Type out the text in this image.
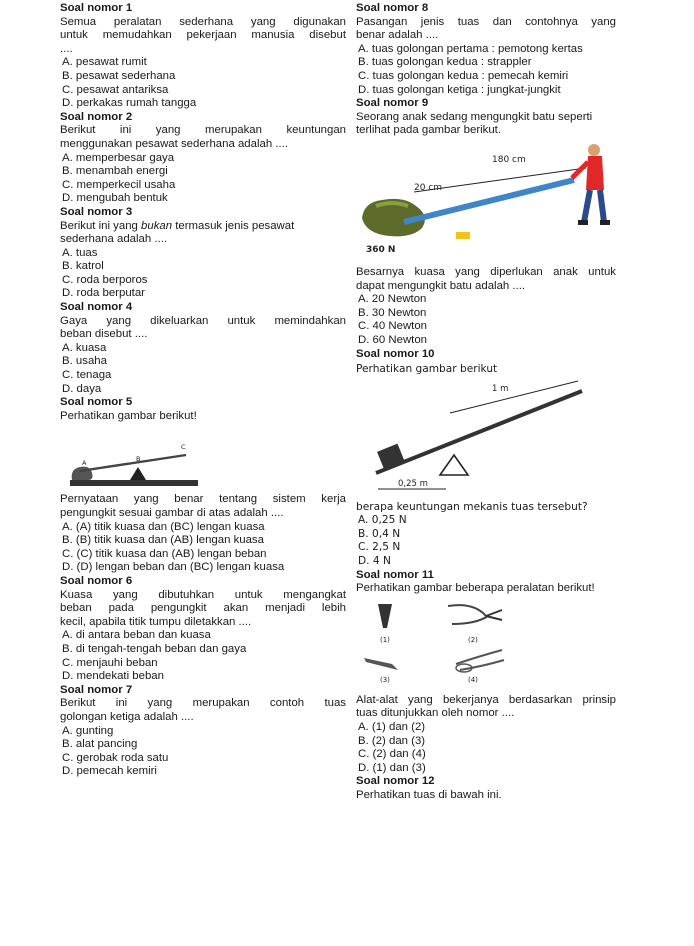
Soal nomor 1
Semua peralatan sederhana yang digunakan
untuk memudahkan pekerjaan manusia disebut
....
A. pesawat rumit
B. pesawat sederhana
C. pesawat antariksa
D. perkakas rumah tangga
Soal nomor 2
Berikut ini yang merupakan keuntungan
menggunakan pesawat sederhana adalah ....
A. memperbesar gaya
B. menambah energi
C. memperkecil usaha
D. mengubah bentuk
Soal nomor 3
Berikut ini yang bukan termasuk jenis pesawat
sederhana adalah ....
A. tuas
B. katrol
C. roda berporos
D. roda berputar
Soal nomor 4
Gaya yang dikeluarkan untuk memindahkan
beban disebut ....
A. kuasa
B. usaha
C. tenaga
D. daya
Soal nomor 5
Perhatikan gambar berikut!
A	B
C
Pernyataan yang benar tentang sistem kerja
pengungkit sesuai gambar di atas adalah ....
A. (A) titik kuasa dan (BC) lengan kuasa
B. (B) titik kuasa dan (AB) lengan kuasa
C. (C) titik kuasa dan (AB) lengan beban
D. (D) lengan beban dan (BC) lengan kuasa
Soal nomor 6
Kuasa yang dibutuhkan untuk mengangkat
beban pada pengungkit akan menjadi lebih
kecil, apabila titik tumpu diletakkan ....
A. di antara beban dan kuasa
B. di tengah-tengah beban dan gaya
C. menjauhi beban
D. mendekati beban
Soal nomor 7
Berikut ini yang merupakan contoh tuas
golongan ketiga adalah ....
A. gunting
B. alat pancing
C. gerobak roda satu
D. pemecah kemiri
Soal nomor 8
Pasangan jenis tuas dan contohnya yang
benar adalah ....
A. tuas golongan pertama : pemotong kertas
B. tuas golongan kedua : strappler
C. tuas golongan kedua : pemecah kemiri
D. tuas golongan ketiga : jungkat-jungkit
Soal nomor 9
Seorang anak sedang mengungkit batu seperti
terlihat pada gambar berikut.
180 cm
20 cm
360 N
Besarnya kuasa yang diperlukan anak untuk
dapat mengungkit batu adalah ....
A. 20 Newton
B. 30 Newton
C. 40 Newton
D. 60 Newton
Soal nomor 10
Perhatikan gambar berikut
1 m
0,25 m
berapa keuntungan mekanis tuas tersebut?
A. 0,25 N
B. 0,4 N
C. 2,5 N
D. 4 N
Soal nomor 11
Perhatikan gambar beberapa peralatan berikut!
(1)	(2)
(3)	(4)
Alat-alat yang bekerjanya berdasarkan prinsip
tuas ditunjukkan oleh nomor ....
A. (1) dan (2)
B. (2) dan (3)
C. (2) dan (4)
D. (1) dan (3)
Soal nomor 12
Perhatikan tuas di bawah ini.
